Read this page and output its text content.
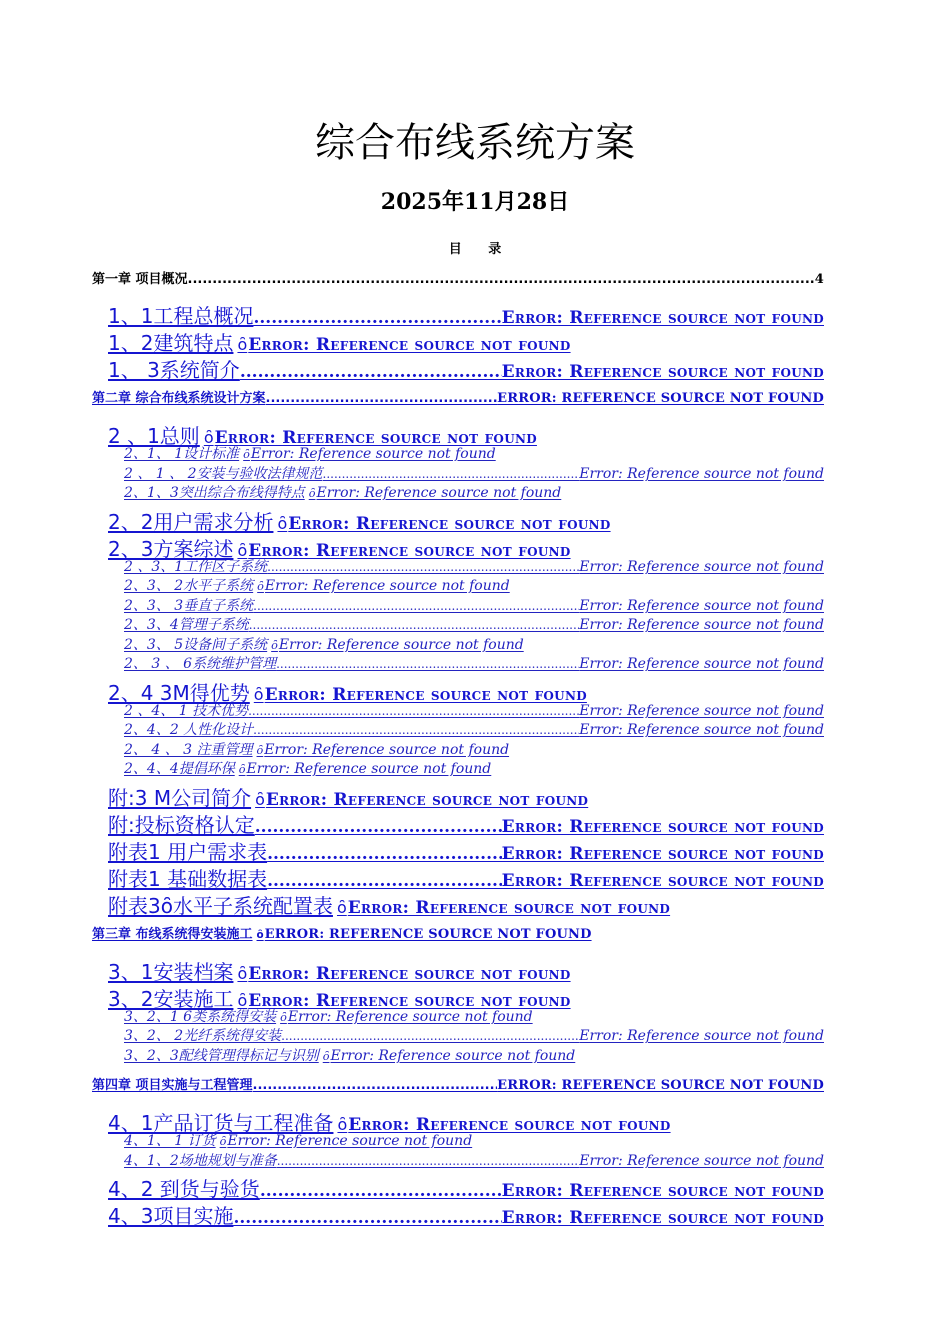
综合布线系统方案
2025年11月28日
目 录
第一章 项目概况 .....	4
1、1工程总概况 .....	Error: Reference source not found
1、2建筑特点 ȏ Error: Reference source not found
1、 3系统简介 .....	Error: Reference source not found
第二章 综合布线系统设计方案 .....	ERROR: REFERENCE SOURCE NOT FOUND
2 、1总则 ȏ Error: Reference source not found
2、1、 1设计标准 ȏ Error: Reference source not found
2 、 1 、 2安装与验收法律规范 .....	Error: Reference source not found
2、1、3突出综合布线得特点 ȏ Error: Reference source not found
2、2用户需求分析 ȏ Error: Reference source not found
2、3方案综述 ȏ Error: Reference source not found
2 、3、1工作区子系统 .....	Error: Reference source not found
2、3、 2水平子系统 ȏ Error: Reference source not found
2、3、 3垂直子系统 .....	Error: Reference source not found
2、3、4管理子系统 .....	Error: Reference source not found
2、3、 5设备间子系统 ȏ Error: Reference source not found
2、 3 、 6系统维护管理 .....	Error: Reference source not found
2、4 3M得优势 ȏ Error: Reference source not found
2 、4、 1 技术优势 .....	Error: Reference source not found
2、4、2 人性化设计 .....	Error: Reference source not found
2、 4 、 3 注重管理 ȏ Error: Reference source not found
2、4、4提倡环保 ȏ Error: Reference source not found
附:3 M公司简介 ȏ Error: Reference source not found
附:投标资格认定 .....	Error: Reference source not found
附表1 用户需求表 .....	Error: Reference source not found
附表1 基础数据表 .....	Error: Reference source not found
附表3ȏ水平子系统配置表 ȏ Error: Reference source not found
第三章 布线系统得安装施工 ȏ ERROR: REFERENCE SOURCE NOT FOUND
3、1安装档案 ȏ Error: Reference source not found
3、2安装施工 ȏ Error: Reference source not found
3、2、1 6类系统得安装 ȏ Error: Reference source not found
3、2、 2光纤系统得安装 .....	Error: Reference source not found
3、2、3配线管理得标记与识别 ȏ Error: Reference source not found
第四章 项目实施与工程管理 .....	ERROR: REFERENCE SOURCE NOT FOUND
4、1产品订货与工程准备 ȏ Error: Reference source not found
4、1、 1 订货 ȏ Error: Reference source not found
4、1、2场地规划与准备 .....	Error: Reference source not found
4、2 到货与验货 .....	Error: Reference source not found
4、3项目实施 .....	Error: Reference source not found
